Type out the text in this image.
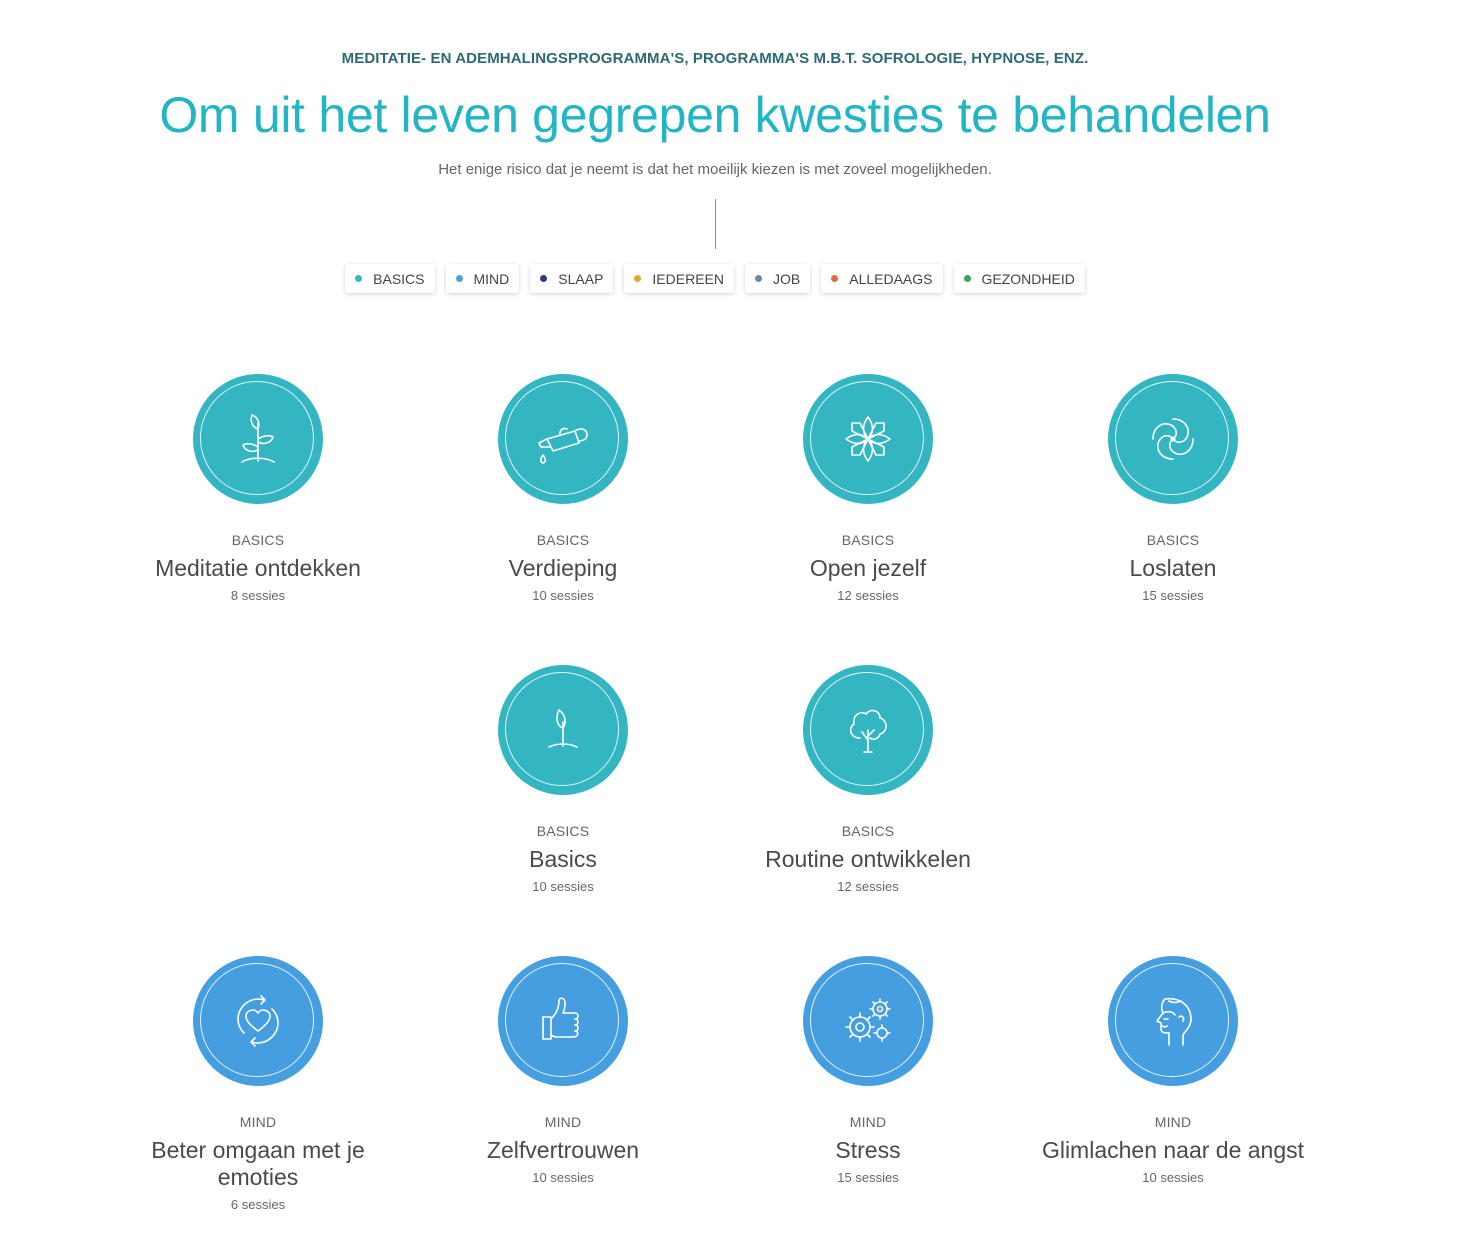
MEDITATIE- EN ADEMHALINGSPROGRAMMA'S, PROGRAMMA'S M.B.T. SOFROLOGIE, HYPNOSE, ENZ.
Om uit het leven gegrepen kwesties te behandelen
Het enige risico dat je neemt is dat het moeilijk kiezen is met zoveel mogelijkheden.
BASICS	MIND	SLAAP	IEDEREEN	JOB	ALLEDAAGS	GEZONDHEID
BASICS
Meditatie ontdekken
8 sessies
BASICS
Verdieping
10 sessies
BASICS
Open jezelf
12 sessies
BASICS
Loslaten
15 sessies
BASICS
Basics
10 sessies
BASICS
Routine ontwikkelen
12 sessies
MIND
Beter omgaan met je emoties
6 sessies
MIND
Zelfvertrouwen
10 sessies
MIND
Stress
15 sessies
MIND
Glimlachen naar de angst
10 sessies
